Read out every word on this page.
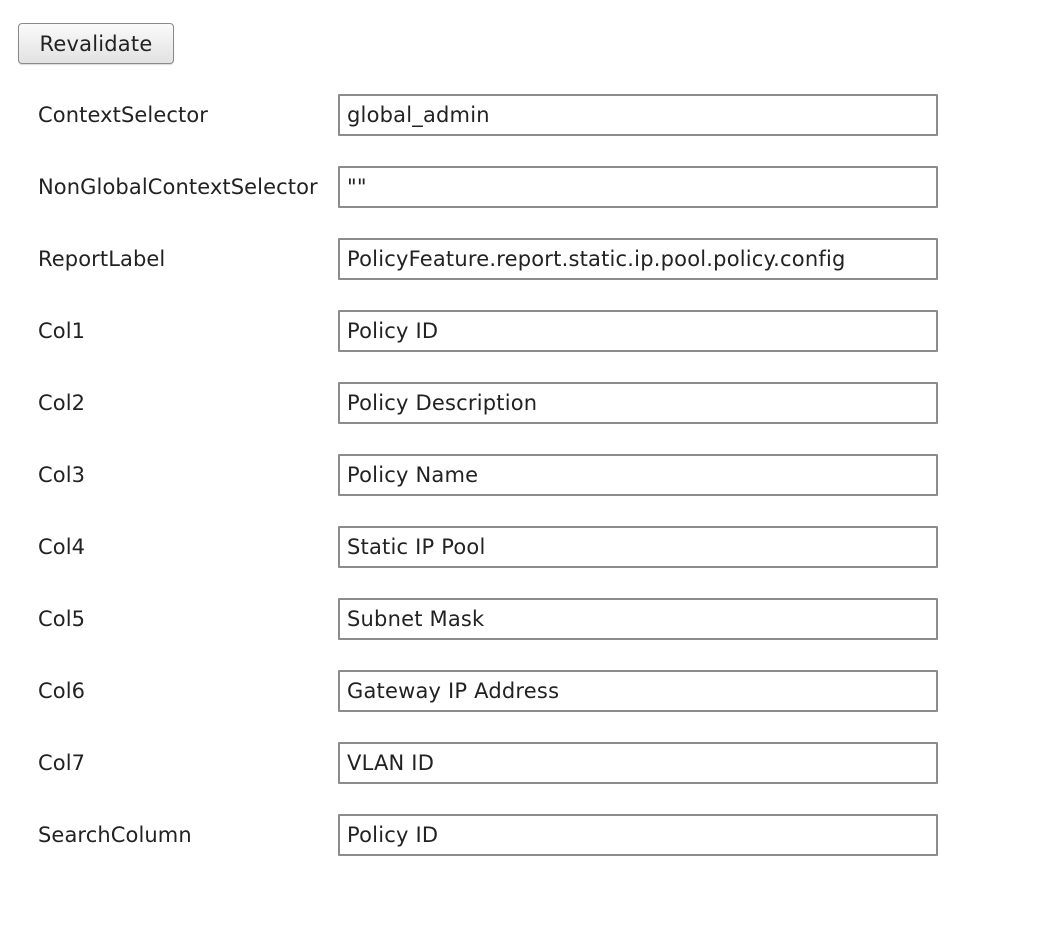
Revalidate
ContextSelector
global_admin
NonGlobalContextSelector
""
ReportLabel
PolicyFeature.report.static.ip.pool.policy.config
Col1
Policy ID
Col2
Policy Description
Col3
Policy Name
Col4
Static IP Pool
Col5
Subnet Mask
Col6
Gateway IP Address
Col7
VLAN ID
SearchColumn
Policy ID
